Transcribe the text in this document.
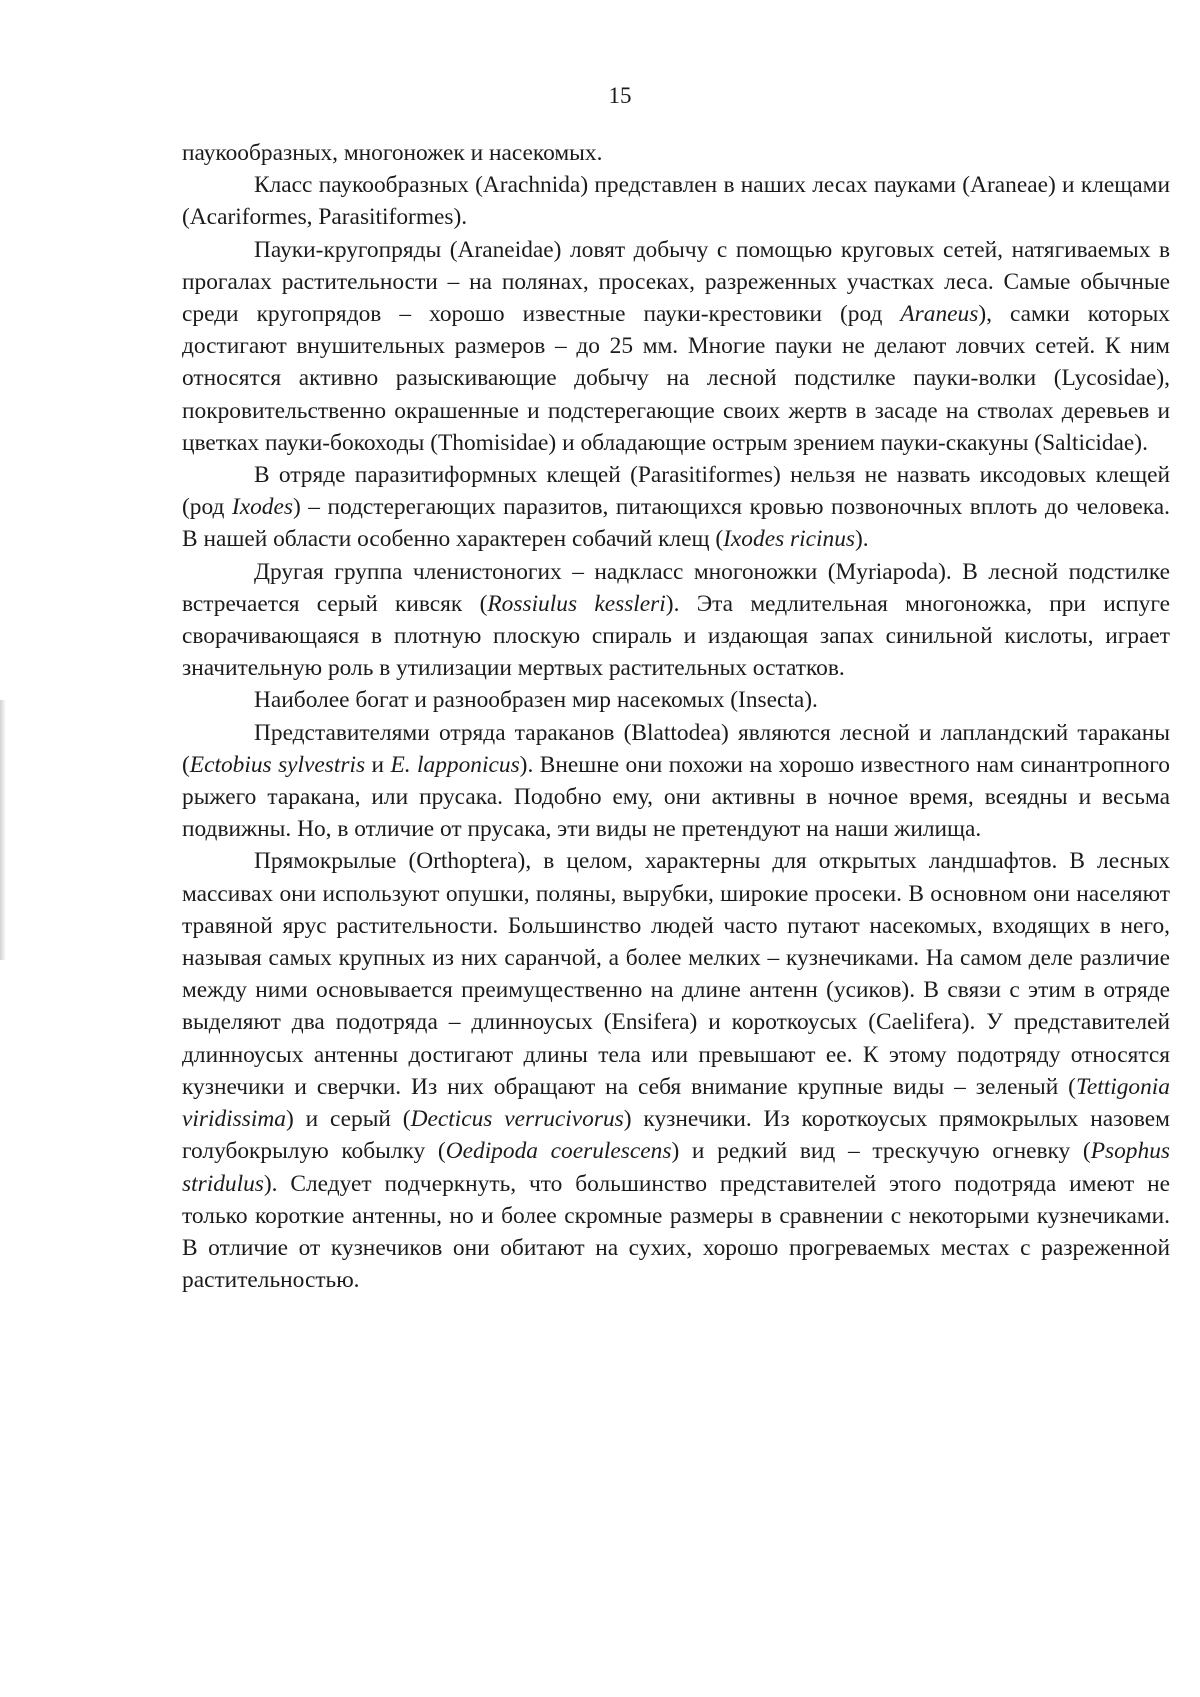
15

паукообразных, многоножек и насекомых.

Класс паукообразных (Arachnida) представлен в наших лесах пауками (Araneae) и клещами (Acariformes, Parasitiformes).

Пауки-кругопряды (Araneidae) ловят добычу с помощью круговых сетей, натягиваемых в прогалах растительности – на полянах, просеках, разреженных участках леса. Самые обычные среди кругопрядов – хорошо известные пауки-крестовики (род Araneus), самки которых достигают внушительных размеров – до 25 мм. Многие пауки не делают ловчих сетей. К ним относятся активно разыскивающие добычу на лесной подстилке пауки-волки (Lycosidae), покровительственно окрашенные и подстерегающие своих жертв в засаде на стволах деревьев и цветках пауки-бокоходы (Thomisidae) и обладающие острым зрением пауки-скакуны (Salticidae).

В отряде паразитиформных клещей (Parasitiformes) нельзя не назвать иксодовых клещей (род Ixodes) – подстерегающих паразитов, питающихся кровью позвоночных вплоть до человека. В нашей области особенно характерен собачий клещ (Ixodes ricinus).

Другая группа членистоногих – надкласс многоножки (Myriapoda). В лесной подстилке встречается серый кивсяк (Rossiulus kessleri). Эта медлительная многоножка, при испуге сворачивающаяся в плотную плоскую спираль и издающая запах синильной кислоты, играет значительную роль в утилизации мертвых растительных остатков.

Наиболее богат и разнообразен мир насекомых (Insecta).

Представителями отряда тараканов (Blattodea) являются лесной и лапландский тараканы (Ectobius sylvestris и E. lapponicus). Внешне они похожи на хорошо известного нам синантропного рыжего таракана, или прусака. Подобно ему, они активны в ночное время, всеядны и весьма подвижны. Но, в отличие от прусака, эти виды не претендуют на наши жилища.

Прямокрылые (Orthoptera), в целом, характерны для открытых ландшафтов. В лесных массивах они используют опушки, поляны, вырубки, широкие просеки. В основном они населяют травяной ярус растительности. Большинство людей часто путают насекомых, входящих в него, называя самых крупных из них саранчой, а более мелких – кузнечиками. На самом деле различие между ними основывается преимущественно на длине антенн (усиков). В связи с этим в отряде выделяют два подотряда – длинноусых (Ensifera) и короткоусых (Caelifera). У представителей длинноусых антенны достигают длины тела или превышают ее. К этому подотряду относятся кузнечики и сверчки. Из них обращают на себя внимание крупные виды – зеленый (Tettigonia viridissima) и серый (Decticus verrucivorus) кузнечики. Из короткоусых прямокрылых назовем голубокрылую кобылку (Oedipoda coerulescens) и редкий вид – трескучую огневку (Psophus stridulus). Следует подчеркнуть, что большинство представителей этого подотряда имеют не только короткие антенны, но и более скромные размеры в сравнении с некоторыми кузнечиками. В отличие от кузнечиков они обитают на сухих, хорошо прогреваемых местах с разреженной растительностью.
